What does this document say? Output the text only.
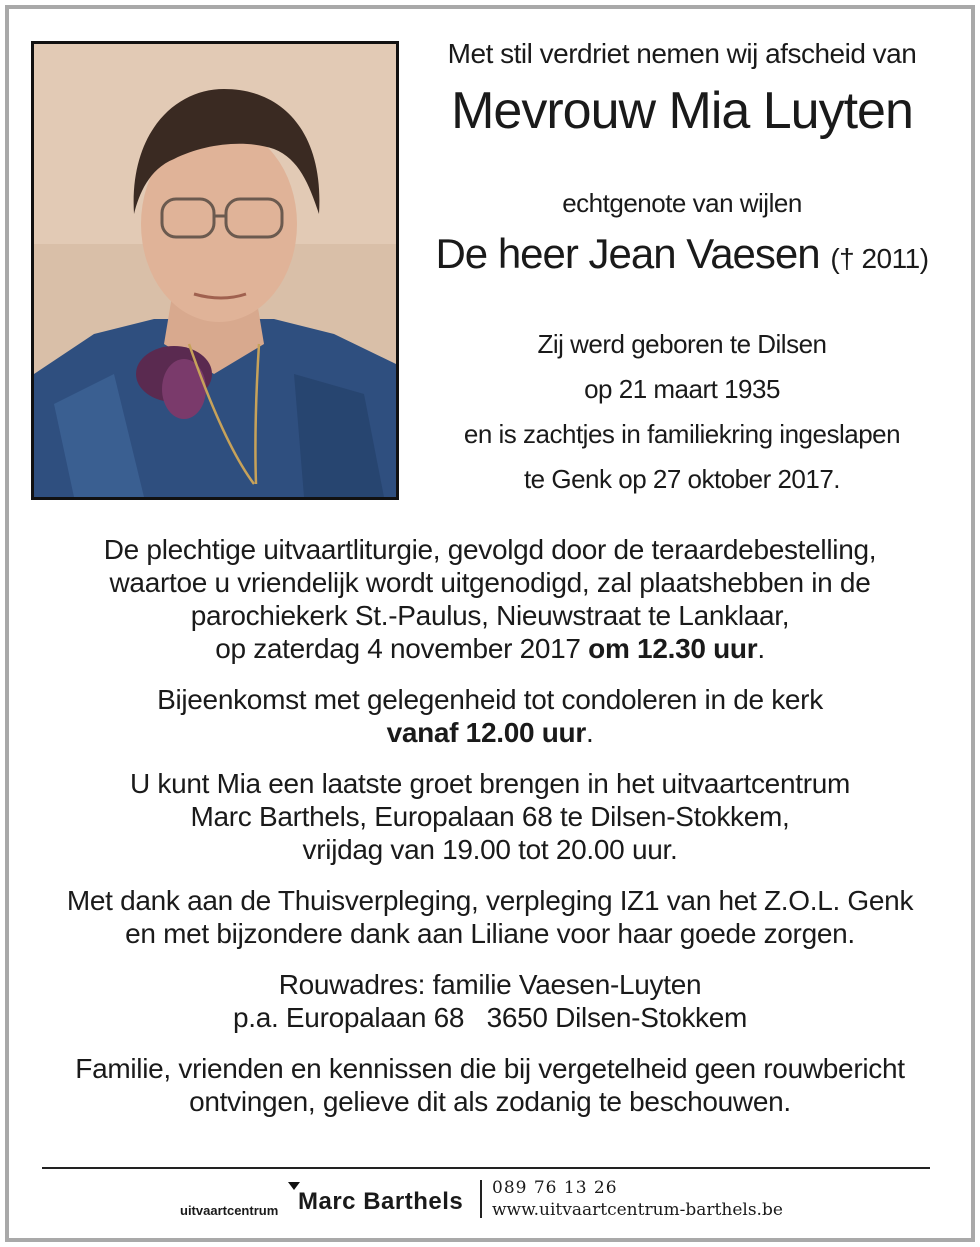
Met stil verdriet nemen wij afscheid van
Mevrouw Mia Luyten
echtgenote van wijlen
De heer Jean Vaesen († 2011)
Zij werd geboren te Dilsen
op 21 maart 1935
en is zachtjes in familiekring ingeslapen
te Genk op 27 oktober 2017.

De plechtige uitvaartliturgie, gevolgd door de teraardebestelling,

waartoe u vriendelijk wordt uitgenodigd, zal plaatshebben in de

parochiekerk St.-Paulus, Nieuwstraat te Lanklaar,

op zaterdag 4 november 2017 om 12.30 uur.

Bijeenkomst met gelegenheid tot condoleren in de kerk

vanaf 12.00 uur.

U kunt Mia een laatste groet brengen in het uitvaartcentrum

Marc Barthels, Europalaan 68 te Dilsen-Stokkem,

vrijdag van 19.00 tot 20.00 uur.

Met dank aan de Thuisverpleging, verpleging IZ1 van het Z.O.L. Genk

en met bijzondere dank aan Liliane voor haar goede zorgen.

Rouwadres: familie Vaesen-Luyten

p.a. Europalaan 68   3650 Dilsen-Stokkem

Familie, vrienden en kennissen die bij vergetelheid geen rouwbericht

ontvingen, gelieve dit als zodanig te beschouwen.

uitvaartcentrum Marc Barthels 089 76 13 26
www.uitvaartcentrum-barthels.be
